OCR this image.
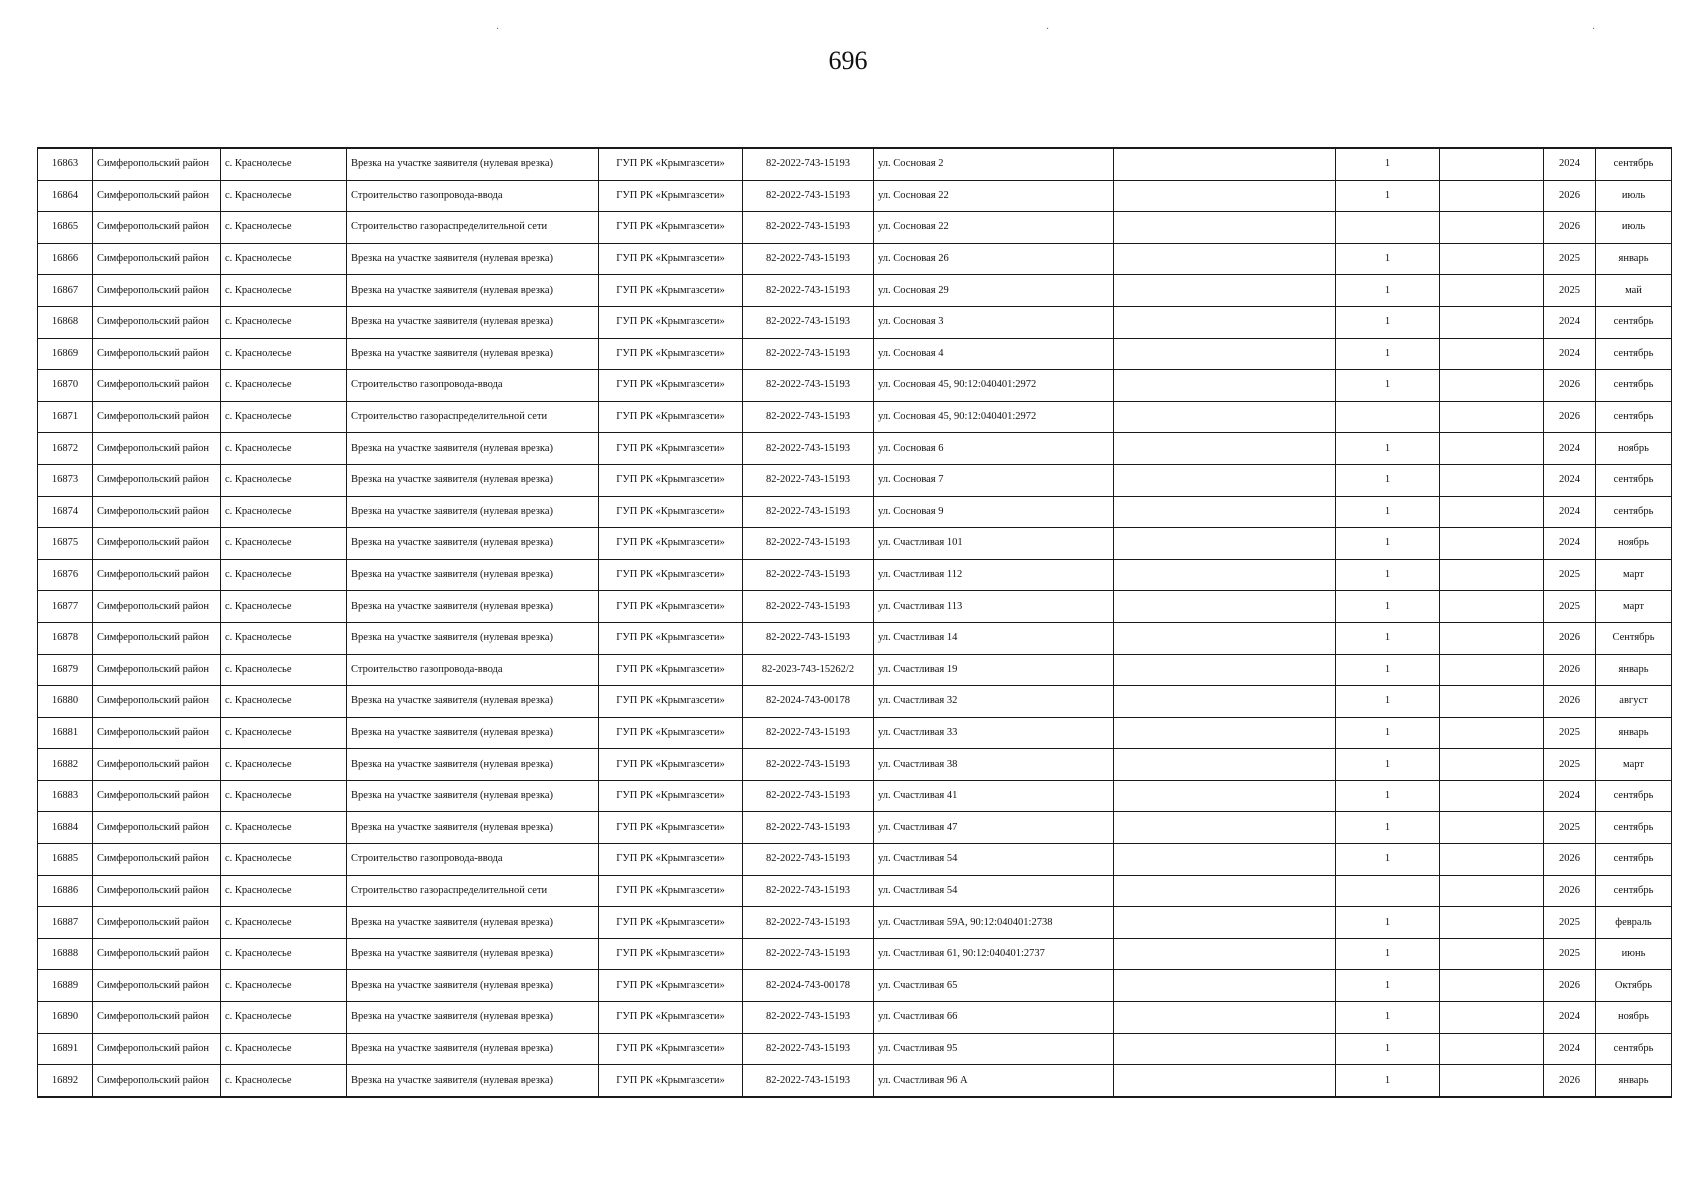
696
·	·	·
16863	Симферопольский район	с. Краснолесье	Врезка на участке заявителя (нулевая врезка)	ГУП РК «Крымгазсети»	82-2022-743-15193	ул. Сосновая 2		1		2024	сентябрь
16864	Симферопольский район	с. Краснолесье	Строительство газопровода-ввода	ГУП РК «Крымгазсети»	82-2022-743-15193	ул. Сосновая 22		1		2026	июль
16865	Симферопольский район	с. Краснолесье	Строительство газораспределительной сети	ГУП РК «Крымгазсети»	82-2022-743-15193	ул. Сосновая 22				2026	июль
16866	Симферопольский район	с. Краснолесье	Врезка на участке заявителя (нулевая врезка)	ГУП РК «Крымгазсети»	82-2022-743-15193	ул. Сосновая 26		1		2025	январь
16867	Симферопольский район	с. Краснолесье	Врезка на участке заявителя (нулевая врезка)	ГУП РК «Крымгазсети»	82-2022-743-15193	ул. Сосновая 29		1		2025	май
16868	Симферопольский район	с. Краснолесье	Врезка на участке заявителя (нулевая врезка)	ГУП РК «Крымгазсети»	82-2022-743-15193	ул. Сосновая 3		1		2024	сентябрь
16869	Симферопольский район	с. Краснолесье	Врезка на участке заявителя (нулевая врезка)	ГУП РК «Крымгазсети»	82-2022-743-15193	ул. Сосновая 4		1		2024	сентябрь
16870	Симферопольский район	с. Краснолесье	Строительство газопровода-ввода	ГУП РК «Крымгазсети»	82-2022-743-15193	ул. Сосновая 45, 90:12:040401:2972		1		2026	сентябрь
16871	Симферопольский район	с. Краснолесье	Строительство газораспределительной сети	ГУП РК «Крымгазсети»	82-2022-743-15193	ул. Сосновая 45, 90:12:040401:2972				2026	сентябрь
16872	Симферопольский район	с. Краснолесье	Врезка на участке заявителя (нулевая врезка)	ГУП РК «Крымгазсети»	82-2022-743-15193	ул. Сосновая 6		1		2024	ноябрь
16873	Симферопольский район	с. Краснолесье	Врезка на участке заявителя (нулевая врезка)	ГУП РК «Крымгазсети»	82-2022-743-15193	ул. Сосновая 7		1		2024	сентябрь
16874	Симферопольский район	с. Краснолесье	Врезка на участке заявителя (нулевая врезка)	ГУП РК «Крымгазсети»	82-2022-743-15193	ул. Сосновая 9		1		2024	сентябрь
16875	Симферопольский район	с. Краснолесье	Врезка на участке заявителя (нулевая врезка)	ГУП РК «Крымгазсети»	82-2022-743-15193	ул. Счастливая 101		1		2024	ноябрь
16876	Симферопольский район	с. Краснолесье	Врезка на участке заявителя (нулевая врезка)	ГУП РК «Крымгазсети»	82-2022-743-15193	ул. Счастливая 112		1		2025	март
16877	Симферопольский район	с. Краснолесье	Врезка на участке заявителя (нулевая врезка)	ГУП РК «Крымгазсети»	82-2022-743-15193	ул. Счастливая 113		1		2025	март
16878	Симферопольский район	с. Краснолесье	Врезка на участке заявителя (нулевая врезка)	ГУП РК «Крымгазсети»	82-2022-743-15193	ул. Счастливая 14		1		2026	Сентябрь
16879	Симферопольский район	с. Краснолесье	Строительство газопровода-ввода	ГУП РК «Крымгазсети»	82-2023-743-15262/2	ул. Счастливая 19		1		2026	январь
16880	Симферопольский район	с. Краснолесье	Врезка на участке заявителя (нулевая врезка)	ГУП РК «Крымгазсети»	82-2024-743-00178	ул. Счастливая 32		1		2026	август
16881	Симферопольский район	с. Краснолесье	Врезка на участке заявителя (нулевая врезка)	ГУП РК «Крымгазсети»	82-2022-743-15193	ул. Счастливая 33		1		2025	январь
16882	Симферопольский район	с. Краснолесье	Врезка на участке заявителя (нулевая врезка)	ГУП РК «Крымгазсети»	82-2022-743-15193	ул. Счастливая 38		1		2025	март
16883	Симферопольский район	с. Краснолесье	Врезка на участке заявителя (нулевая врезка)	ГУП РК «Крымгазсети»	82-2022-743-15193	ул. Счастливая 41		1		2024	сентябрь
16884	Симферопольский район	с. Краснолесье	Врезка на участке заявителя (нулевая врезка)	ГУП РК «Крымгазсети»	82-2022-743-15193	ул. Счастливая 47		1		2025	сентябрь
16885	Симферопольский район	с. Краснолесье	Строительство газопровода-ввода	ГУП РК «Крымгазсети»	82-2022-743-15193	ул. Счастливая 54		1		2026	сентябрь
16886	Симферопольский район	с. Краснолесье	Строительство газораспределительной сети	ГУП РК «Крымгазсети»	82-2022-743-15193	ул. Счастливая 54				2026	сентябрь
16887	Симферопольский район	с. Краснолесье	Врезка на участке заявителя (нулевая врезка)	ГУП РК «Крымгазсети»	82-2022-743-15193	ул. Счастливая 59А, 90:12:040401:2738		1		2025	февраль
16888	Симферопольский район	с. Краснолесье	Врезка на участке заявителя (нулевая врезка)	ГУП РК «Крымгазсети»	82-2022-743-15193	ул. Счастливая 61, 90:12:040401:2737		1		2025	июнь
16889	Симферопольский район	с. Краснолесье	Врезка на участке заявителя (нулевая врезка)	ГУП РК «Крымгазсети»	82-2024-743-00178	ул. Счастливая 65		1		2026	Октябрь
16890	Симферопольский район	с. Краснолесье	Врезка на участке заявителя (нулевая врезка)	ГУП РК «Крымгазсети»	82-2022-743-15193	ул. Счастливая 66		1		2024	ноябрь
16891	Симферопольский район	с. Краснолесье	Врезка на участке заявителя (нулевая врезка)	ГУП РК «Крымгазсети»	82-2022-743-15193	ул. Счастливая 95		1		2024	сентябрь
16892	Симферопольский район	с. Краснолесье	Врезка на участке заявителя (нулевая врезка)	ГУП РК «Крымгазсети»	82-2022-743-15193	ул. Счастливая 96 А		1		2026	январь
